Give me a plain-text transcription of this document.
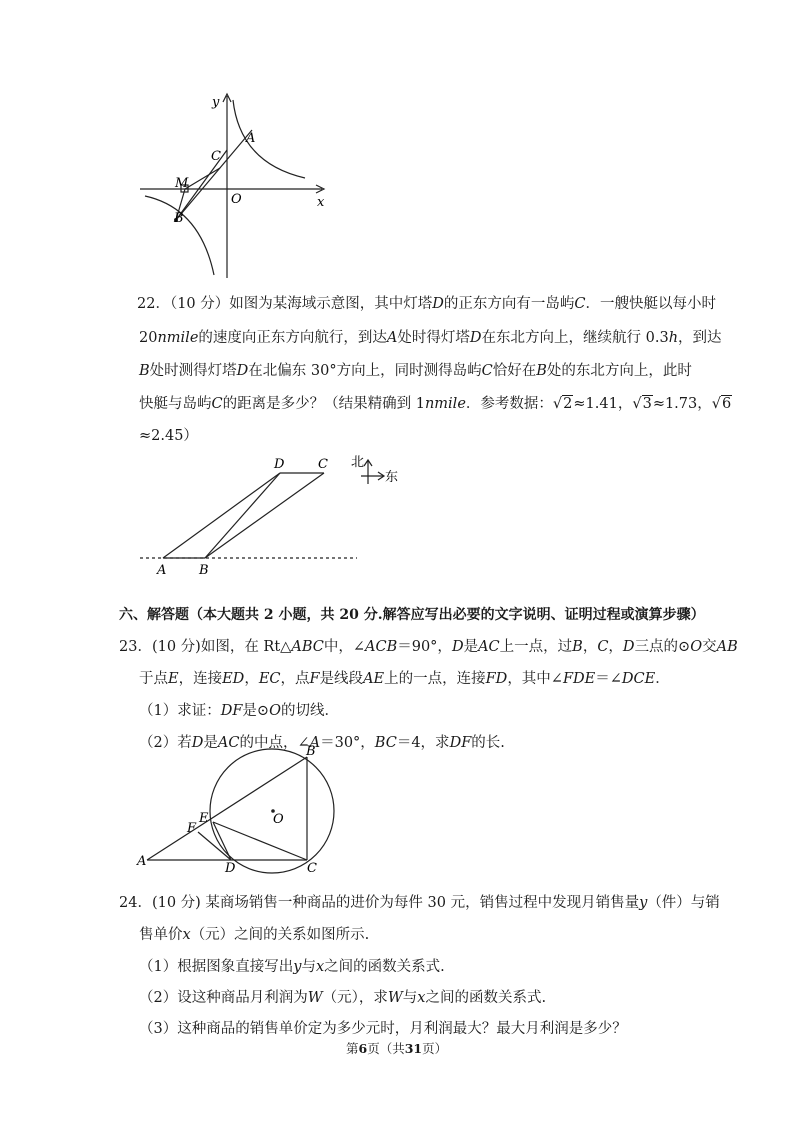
y
x
O
A
B
C
M
22．（10 分）如图为某海域示意图，其中灯塔D的正东方向有一岛屿C．一艘快艇以每小时
20nmile的速度向正东方向航行，到达A处时得灯塔D在东北方向上，继续航行 0.3h，到达
B处时测得灯塔D在北偏东 30°方向上，同时测得岛屿C恰好在B处的东北方向上，此时
快艇与岛屿C的距离是多少？（结果精确到 1nmile．参考数据：√2≈1.41，√3≈1.73，√6
≈2.45）
D	C
A	B
北
东
六、解答题（本大题共 2 小题，共 20 分.解答应写出必要的文字说明、证明过程或演算步骤）
23．(10 分)如图，在 Rt△ABC中，∠ACB＝90°，D是AC上一点，过B，C，D三点的⊙O交AB
于点E，连接ED，EC，点F是线段AE上的一点，连接FD，其中∠FDE＝∠DCE．
（1）求证：DF是⊙O的切线．
（2）若D是AC的中点，∠A＝30°，BC＝4，求DF的长.
B
E
F
A	D	C
O
24．(10 分) 某商场销售一种商品的进价为每件 30 元，销售过程中发现月销售量y（件）与销
售单价x（元）之间的关系如图所示.
（1）根据图象直接写出y与x之间的函数关系式.
（2）设这种商品月利润为W（元），求W与x之间的函数关系式.
（3）这种商品的销售单价定为多少元时，月利润最大？最大月利润是多少？
第6页（共31页）
